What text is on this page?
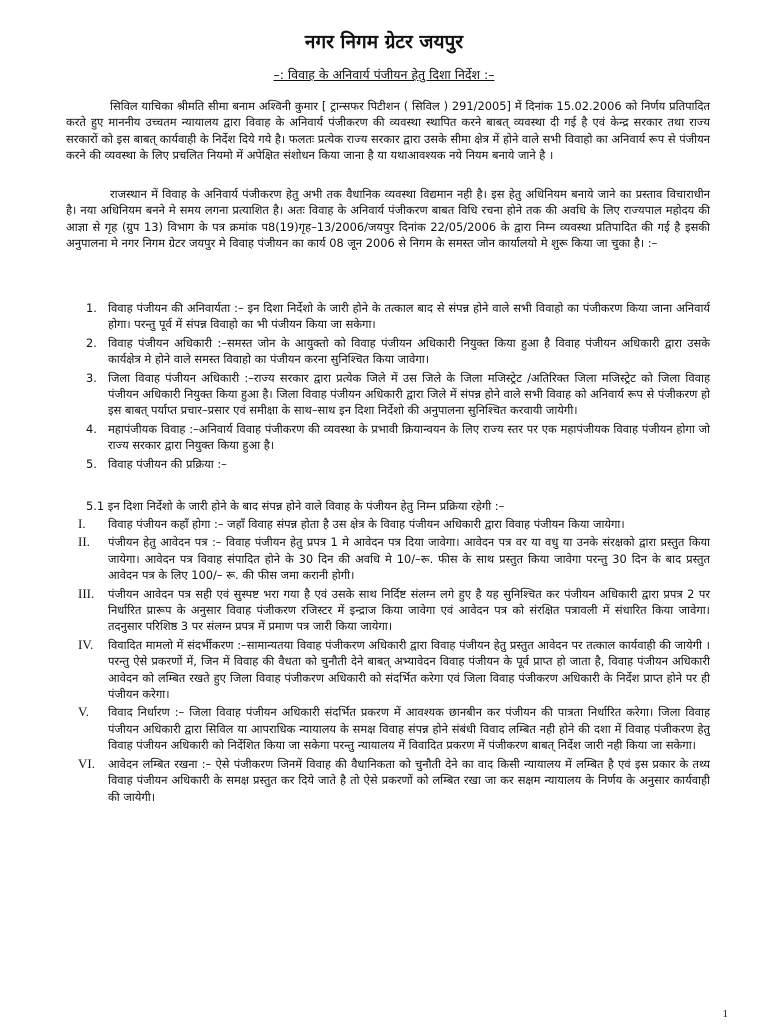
नगर निगम ग्रेटर जयपुर
–: विवाह के अनिवार्य पंजीयन हेतु दिशा निर्देश :–

सिविल याचिका श्रीमति सीमा बनाम अश्विनी कुमार [ ट्रान्सफर पिटीशन ( सिविल ) 291/2005] में दिनांक 15.02.2006 को निर्णय प्रतिपादित करते हुए माननीय उच्चतम न्यायालय द्वारा विवाह के अनिवार्य पंजीकरण की व्यवस्था स्थापित करने बाबत् व्यवस्था दी गई है एवं केन्द्र सरकार तथा राज्य सरकारों को इस बाबत् कार्यवाही के निर्देश दिये गये है। फलतः प्रत्येक राज्य सरकार द्वारा उसके सीमा क्षेत्र में होने वाले सभी विवाहो का अनिवार्य रूप से पंजीयन करने की व्यवस्था के लिए प्रचलित नियमो में अपेक्षित संशोधन किया जाना है या यथाआवश्यक नये नियम बनाये जाने है ।

राजस्थान में विवाह के अनिवार्य पंजीकरण हेतु अभी तक वैधानिक व्यवस्था विद्यमान नही है। इस हेतु अधिनियम बनाये जाने का प्रस्ताव विचाराधीन है। नया अधिनियम बनने मे समय लगना प्रत्याशित है। अतः विवाह के अनिवार्य पंजीकरण बाबत विधि रचना होने तक की अवधि के लिए राज्यपाल महोदय की आज्ञा से गृह (ग्रुप 13) विभाग के पत्र क्रमांक प8(19)गृह–13/2006/जयपुर दिनांक 22/05/2006 के द्वारा निम्न व्यवस्था प्रतिपादित की गई है इसकी अनुपालना मे नगर निगम ग्रेटर जयपुर मे विवाह पंजीयन का कार्य 08 जून 2006 से निगम के समस्त जोन कार्यालयो मे शुरू किया जा चुका है। :–

1. विवाह पंजीयन की अनिवार्यता :– इन दिशा निर्देशो के जारी होने के तत्काल बाद से संपन्न होने वाले सभी विवाहो का पंजीकरण किया जाना अनिवार्य होगा। परन्तु पूर्व में संपन्न विवाहो का भी पंजीयन किया जा सकेगा।

2. विवाह पंजीयन अधिकारी :–समस्त जोन के आयुक्तो को विवाह पंजीयन अधिकारी नियुक्त किया हुआ है विवाह पंजीयन अधिकारी द्वारा उसके कार्यक्षेत्र मे होने वाले समस्त विवाहो का पंजीयन करना सुनिश्चित किया जावेगा।

3. जिला विवाह पंजीयन अधिकारी :–राज्य सरकार द्वारा प्रत्येक जिले में उस जिले के जिला मजिस्ट्रेट /अतिरिक्त जिला मजिस्ट्रेट को जिला विवाह पंजीयन अधिकारी नियुक्त किया हुआ है। जिला विवाह पंजीयन अधिकारी द्वारा जिले में संपन्न होने वाले सभी विवाह को अनिवार्य रूप से पंजीकरण हो इस बाबत् पर्याप्त प्रचार–प्रसार एवं समीक्षा के साथ–साथ इन दिशा निर्देशो की अनुपालना सुनिश्चित करवायी जायेगी।

4. महापंजीयक विवाह :–अनिवार्य विवाह पंजीकरण की व्यवस्था के प्रभावी क्रियान्वयन के लिए राज्य स्तर पर एक महापंजीयक विवाह पंजीयन होगा जो राज्य सरकार द्वारा नियुक्त किया हुआ है।

5. विवाह पंजीयन की प्रक्रिया :–

5.1 इन दिशा निर्देशो के जारी होने के बाद संपन्न होने वाले विवाह के पंजीयन हेतु निम्न प्रक्रिया रहेगी :–

I. विवाह पंजीयन कहाँ होगा :– जहाँ विवाह संपन्न होता है उस क्षेत्र के विवाह पंजीयन अधिकारी द्वारा विवाह पंजीयन किया जायेगा।

II. पंजीयन हेतु आवेदन पत्र :– विवाह पंजीयन हेतु प्रपत्र 1 मे आवेदन पत्र दिया जावेगा। आवेदन पत्र वर या वधु या उनके संरक्षको द्वारा प्रस्तुत किया जायेगा। आवेदन पत्र विवाह संपादित होने के 30 दिन की अवधि मे 10/–रू. फीस के साथ प्रस्तुत किया जावेगा परन्तु 30 दिन के बाद प्रस्तुत आवेदन पत्र के लिए 100/– रू. की फीस जमा करानी होगी।

III. पंजीयन आवेदन पत्र सही एवं सुस्पष्ट भरा गया है एवं उसके साथ निर्दिष्ट संलग्न लगे हुए है यह सुनिश्चित कर पंजीयन अधिकारी द्वारा प्रपत्र 2 पर निर्धारित प्रारूप के अनुसार विवाह पंजीकरण रजिस्टर में इन्द्राज किया जावेगा एवं आवेदन पत्र को संरक्षित पत्रावली में संधारित किया जावेगा। तदनुसार परिशिष्ठ 3 पर संलग्न प्रपत्र में प्रमाण पत्र जारी किया जायेगा।

IV. विवादित मामलो में संदर्भीकरण :–सामान्यतया विवाह पंजीकरण अधिकारी द्वारा विवाह पंजीयन हेतु प्रस्तुत आवेदन पर तत्काल कार्यवाही की जायेगी । परन्तु ऐसे प्रकरणों में, जिन में विवाह की वैधता को चुनौती देने बाबत् अभ्यावेदन विवाह पंजीयन के पूर्व प्राप्त हो जाता है, विवाह पंजीयन अधिकारी आवेदन को लम्बित रखते हुए जिला विवाह पंजीकरण अधिकारी को संदर्भित करेगा एवं जिला विवाह पंजीकरण अधिकारी के निर्देश प्राप्त होने पर ही पंजीयन करेगा।

V. विवाद निर्धारण :– जिला विवाह पंजीयन अधिकारी संदर्भित प्रकरण में आवश्यक छानबीन कर पंजीयन की पात्रता निर्धारित करेगा। जिला विवाह पंजीयन अधिकारी द्वारा सिविल या आपराधिक न्यायालय के समक्ष विवाह संपन्न होने संबंधी विवाद लम्बित नही होने की दशा में विवाह पंजीकरण हेतु विवाह पंजीयन अधिकारी को निर्देशित किया जा सकेगा परन्तु न्यायालय में विवादित प्रकरण में पंजीकरण बाबत् निर्देश जारी नही किया जा सकेगा।

VI. आवेदन लम्बित रखना :– ऐसे पंजीकरण जिनमें विवाह की वैधानिकता को चुनौती देने का वाद किसी न्यायालय में लम्बित है एवं इस प्रकार के तथ्य विवाह पंजीयन अधिकारी के समक्ष प्रस्तुत कर दिये जाते है तो ऐसे प्रकरणों को लम्बित रखा जा कर सक्षम न्यायालय के निर्णय के अनुसार कार्यवाही की जायेगी।

1
